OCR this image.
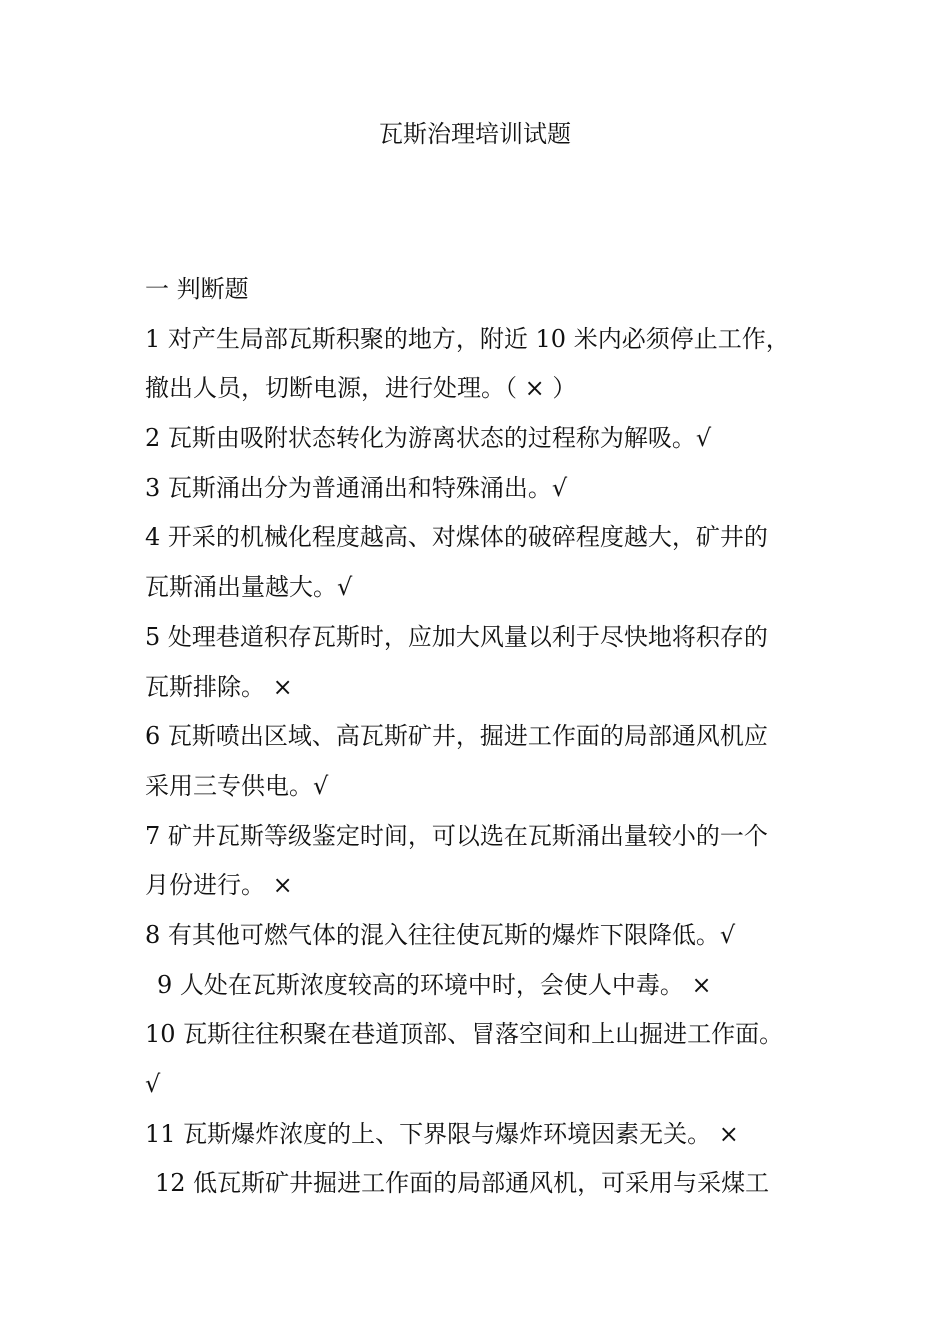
瓦斯治理培训试题
一 判断题
1 对产生局部瓦斯积聚的地方，附近 10 米内必须停止工作，
撤出人员，切断电源，进行处理。（ × ）
2 瓦斯由吸附状态转化为游离状态的过程称为解吸。√
3 瓦斯涌出分为普通涌出和特殊涌出。√
4 开采的机械化程度越高、对煤体的破碎程度越大，矿井的
瓦斯涌出量越大。√
5 处理巷道积存瓦斯时，应加大风量以利于尽快地将积存的
瓦斯排除。 ×
6 瓦斯喷出区域、高瓦斯矿井，掘进工作面的局部通风机应
采用三专供电。√
7 矿井瓦斯等级鉴定时间，可以选在瓦斯涌出量较小的一个
月份进行。 ×
8 有其他可燃气体的混入往往使瓦斯的爆炸下限降低。√
9 人处在瓦斯浓度较高的环境中时，会使人中毒。 ×
10 瓦斯往往积聚在巷道顶部、冒落空间和上山掘进工作面。
√
11 瓦斯爆炸浓度的上、下界限与爆炸环境因素无关。 ×
12 低瓦斯矿井掘进工作面的局部通风机，可采用与采煤工
